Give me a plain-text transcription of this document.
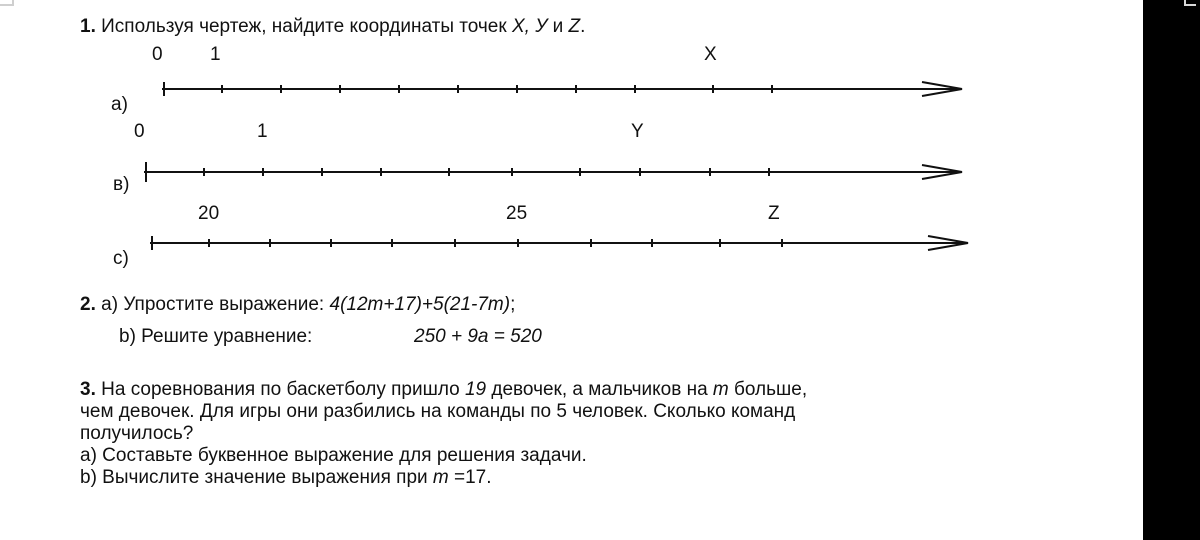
1. Используя чертеж, найдите координаты точек X, У и Z.
0 1	X
а)
0	1	Y
в)
20	25	Z
с)
2. а) Упростите выражение: 4(12m+17)+5(21-7m);
b) Решите уравнение:	250 + 9а = 520
3. На соревнования по баскетболу пришло 19 девочек, а мальчиков на m больше,
чем девочек. Для игры они разбились на команды по 5 человек. Сколько команд
получилось?
а) Составьте буквенное выражение для решения задачи.
b) Вычислите значение выражения при m =17.
